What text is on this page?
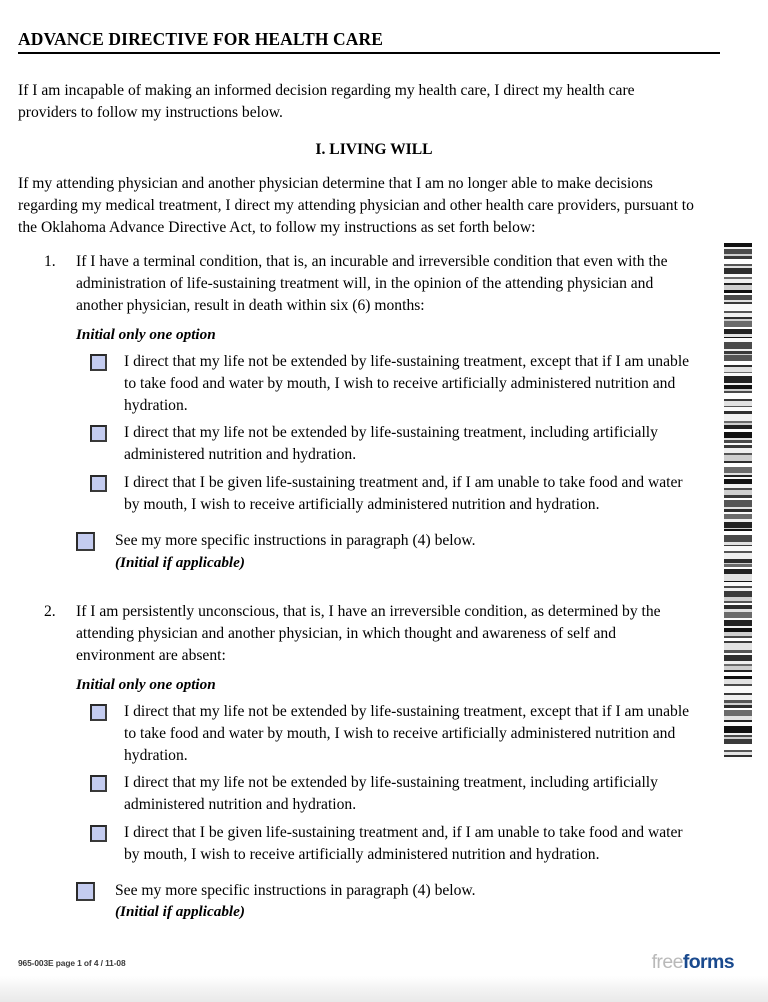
ADVANCE DIRECTIVE FOR HEALTH CARE

If I am incapable of making an informed decision regarding my health care, I direct my health care providers to follow my instructions below.

I. LIVING WILL

If my attending physician and another physician determine that I am no longer able to make decisions regarding my medical treatment, I direct my attending physician and other health care providers, pursuant to the Oklahoma Advance Directive Act, to follow my instructions as set forth below:

1. If I have a terminal condition, that is, an incurable and irreversible condition that even with the administration of life-sustaining treatment will, in the opinion of the attending physician and another physician, result in death within six (6) months:
Initial only one option
I direct that my life not be extended by life-sustaining treatment, except that if I am unable to take food and water by mouth, I wish to receive artificially administered nutrition and hydration.
I direct that my life not be extended by life-sustaining treatment, including artificially administered nutrition and hydration.
I direct that I be given life-sustaining treatment and, if I am unable to take food and water by mouth, I wish to receive artificially administered nutrition and hydration.
See my more specific instructions in paragraph (4) below.
(Initial if applicable)
2. If I am persistently unconscious, that is, I have an irreversible condition, as determined by the attending physician and another physician, in which thought and awareness of self and environment are absent:
Initial only one option
I direct that my life not be extended by life-sustaining treatment, except that if I am unable to take food and water by mouth, I wish to receive artificially administered nutrition and hydration.
I direct that my life not be extended by life-sustaining treatment, including artificially administered nutrition and hydration.
I direct that I be given life-sustaining treatment and, if I am unable to take food and water by mouth, I wish to receive artificially administered nutrition and hydration.
See my more specific instructions in paragraph (4) below.
(Initial if applicable)
965-003E page 1 of 4 / 11-08	freeforms
